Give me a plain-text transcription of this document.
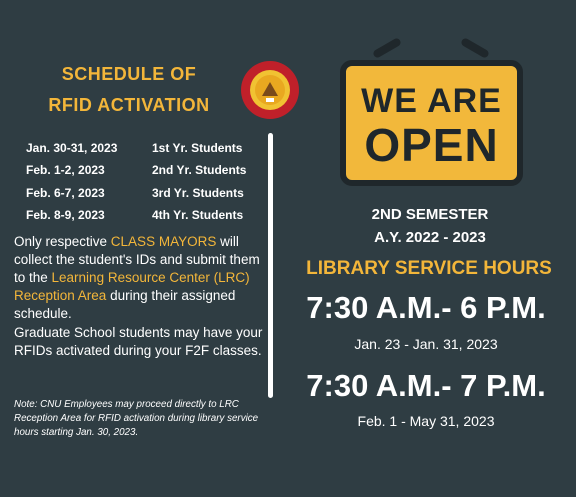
SCHEDULE OF
RFID ACTIVATION
Jan. 30-31, 2023	1st Yr. Students
Feb. 1-2, 2023	2nd Yr. Students
Feb. 6-7, 2023	3rd Yr. Students
Feb. 8-9, 2023	4th Yr. Students
Only respective CLASS MAYORS will collect the student's IDs and submit them to the Learning Resource Center (LRC) Reception Area during their assigned schedule.
Graduate School students may have your RFIDs activated during your F2F classes.
Note: CNU Employees may proceed directly to LRC Reception Area for RFID activation during library service hours starting Jan. 30, 2023.
WE ARE
OPEN
2ND SEMESTER
A.Y. 2022 - 2023
LIBRARY SERVICE HOURS
7:30 A.M.- 6 P.M.
Jan. 23 - Jan. 31, 2023
7:30 A.M.- 7 P.M.
Feb. 1 - May 31, 2023
